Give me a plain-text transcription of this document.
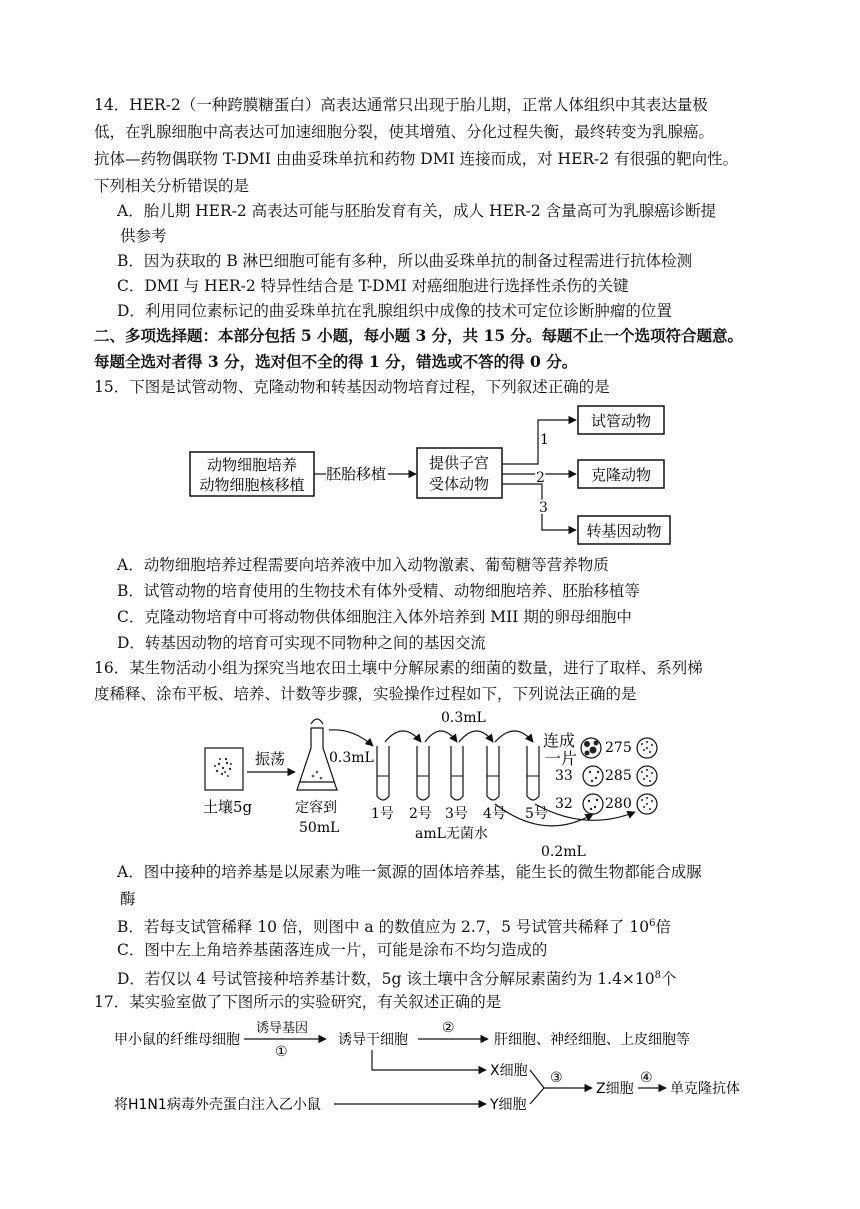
14．HER-2（一种跨膜糖蛋白）高表达通常只出现于胎儿期，正常人体组织中其表达量极
低，在乳腺细胞中高表达可加速细胞分裂，使其增殖、分化过程失衡，最终转变为乳腺癌。
抗体—药物偶联物 T-DMI 由曲妥珠单抗和药物 DMI 连接而成，对 HER-2 有很强的靶向性。
下列相关分析错误的是
A．胎儿期 HER-2 高表达可能与胚胎发育有关，成人 HER-2 含量高可为乳腺癌诊断提
供参考
B．因为获取的 B 淋巴细胞可能有多种，所以曲妥珠单抗的制备过程需进行抗体检测
C．DMI 与 HER-2 特异性结合是 T-DMI 对癌细胞进行选择性杀伤的关键
D．利用同位素标记的曲妥珠单抗在乳腺组织中成像的技术可定位诊断肿瘤的位置
二、多项选择题：本部分包括 5 小题，每小题 3 分，共 15 分。每题不止一个选项符合题意。
每题全选对者得 3 分，选对但不全的得 1 分，错选或不答的得 0 分。
15．下图是试管动物、克隆动物和转基因动物培育过程，下列叙述正确的是
动物细胞培养
动物细胞核移植
胚胎移植
提供子宫
受体动物
1
2
3
试管动物
克隆动物
转基因动物
A．动物细胞培养过程需要向培养液中加入动物激素、葡萄糖等营养物质
B．试管动物的培育使用的生物技术有体外受精、动物细胞培养、胚胎移植等
C．克隆动物培育中可将动物供体细胞注入体外培养到 MII 期的卵母细胞中
D．转基因动物的培育可实现不同物种之间的基因交流
16．某生物活动小组为探究当地农田土壤中分解尿素的细菌的数量，进行了取样、系列梯
度稀释、涂布平板、培养、计数等步骤，实验操作过程如下，下列说法正确的是
土壤5g
振荡
定容到
50mL
0.3mL
0.3mL
1号 2号 3号 4号 5号
amL无菌水
0.2mL
连成
一片
275
33 285
32 280
A．图中接种的培养基是以尿素为唯一氮源的固体培养基，能生长的微生物都能合成脲
酶
B．若每支试管稀释 10 倍，则图中 a 的数值应为 2.7，5 号试管共稀释了 $10^6$倍
C．图中左上角培养基菌落连成一片，可能是涂布不均匀造成的
D．若仅以 4 号试管接种培养基计数，5g 该土壤中含分解尿素菌约为 $1.4\times 10^8$个
17．某实验室做了下图所示的实验研究，有关叙述正确的是
甲小鼠的纤维母细胞
诱导基因
①
诱导干细胞
②
肝细胞、神经细胞、上皮细胞等
X细胞
将H1N1病毒外壳蛋白注入乙小鼠	Y细胞
③
Z细胞
④
单克隆抗体
